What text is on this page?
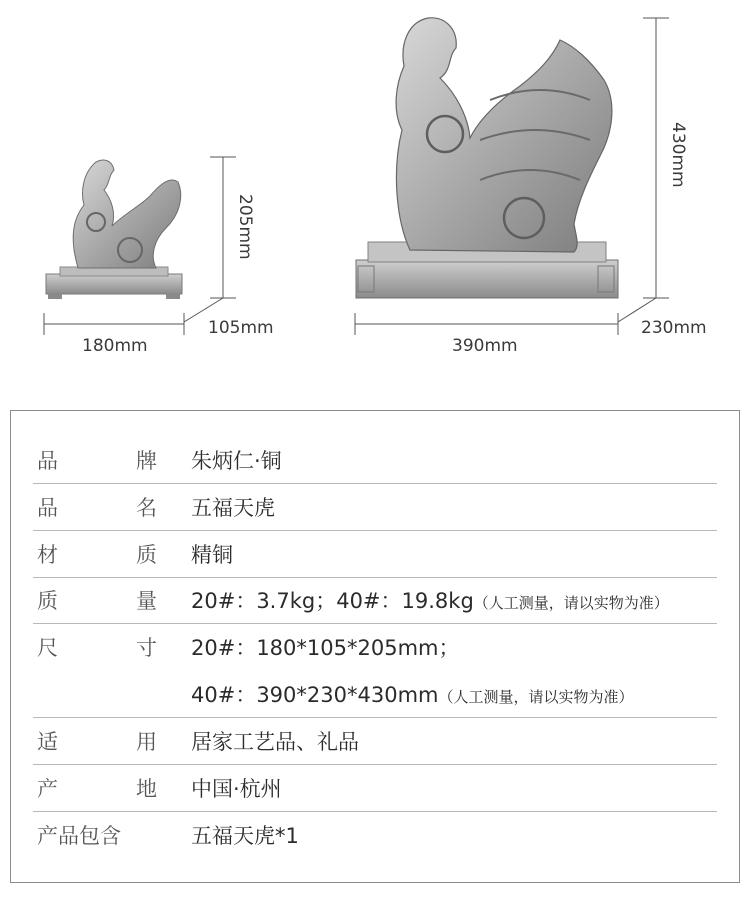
205mm
180mm
105mm
430mm
390mm
230mm
品	牌 朱炳仁·铜
品	名 五福天虎
材	质 精铜
质	量 20#：3.7kg；40#：19.8kg（人工测量，请以实物为准）
尺	寸 20#：180*105*205mm；
40#：390*230*430mm（人工测量，请以实物为准）
适	用 居家工艺品、礼品
产	地 中国·杭州
产品包含	五福天虎*1
